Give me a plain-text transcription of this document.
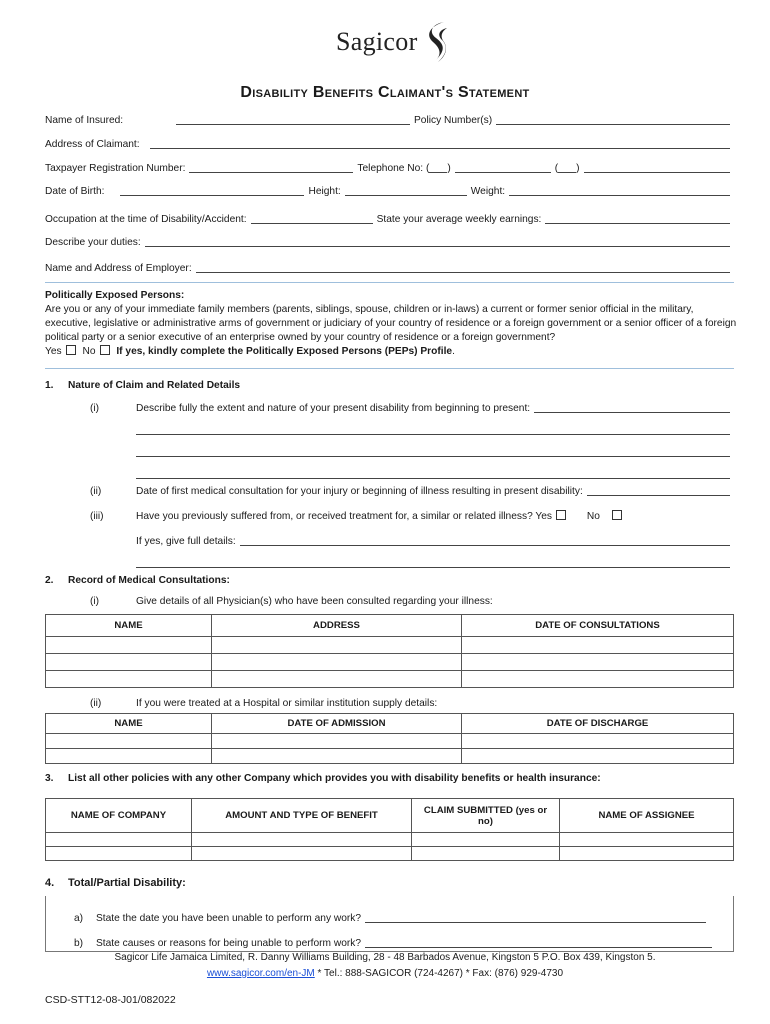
Sagicor
Disability Benefits Claimant's Statement
Name of Insured:	Policy Number(s)
Address of Claimant:
Taxpayer Registration Number:	Telephone No: ( )	( )
Date of Birth:	Height:	Weight:
Occupation at the time of Disability/Accident:	State your average weekly earnings:
Describe your duties:
Name and Address of Employer:
Politically Exposed Persons:
Are you or any of your immediate family members (parents, siblings, spouse, children or in-laws) a current or former senior official in the military, executive, legislative or administrative arms of government or judiciary of your country of residence or a foreign government or a senior officer of a foreign political party or a senior executive of an enterprise owned by your country of residence or a foreign government?
Yes No If yes, kindly complete the Politically Exposed Persons (PEPs) Profile.
1. Nature of Claim and Related Details
(i)	Describe fully the extent and nature of your present disability from beginning to present:
(ii)	Date of first medical consultation for your injury or beginning of illness resulting in present disability:
(iii)	Have you previously suffered from, or received treatment for, a similar or related illness? Yes	No
If yes, give full details:
2. Record of Medical Consultations:
(i)	Give details of all Physician(s) who have been consulted regarding your illness:
NAME	ADDRESS	DATE OF CONSULTATIONS

(ii)	If you were treated at a Hospital or similar institution supply details:
NAME	DATE OF ADMISSION	DATE OF DISCHARGE

3. List all other policies with any other Company which provides you with disability benefits or health insurance:
NAME OF COMPANY	AMOUNT AND TYPE OF BENEFIT	CLAIM SUBMITTED (yes or no)	NAME OF ASSIGNEE

4. Total/Partial Disability:
a)	State the date you have been unable to perform any work?
b)	State causes or reasons for being unable to perform work?
Sagicor Life Jamaica Limited, R. Danny Williams Building, 28 - 48 Barbados Avenue, Kingston 5 P.O. Box 439, Kingston 5.
www.sagicor.com/en-JM * Tel.: 888-SAGICOR (724-4267) * Fax: (876) 929-4730
CSD-STT12-08-J01/082022
